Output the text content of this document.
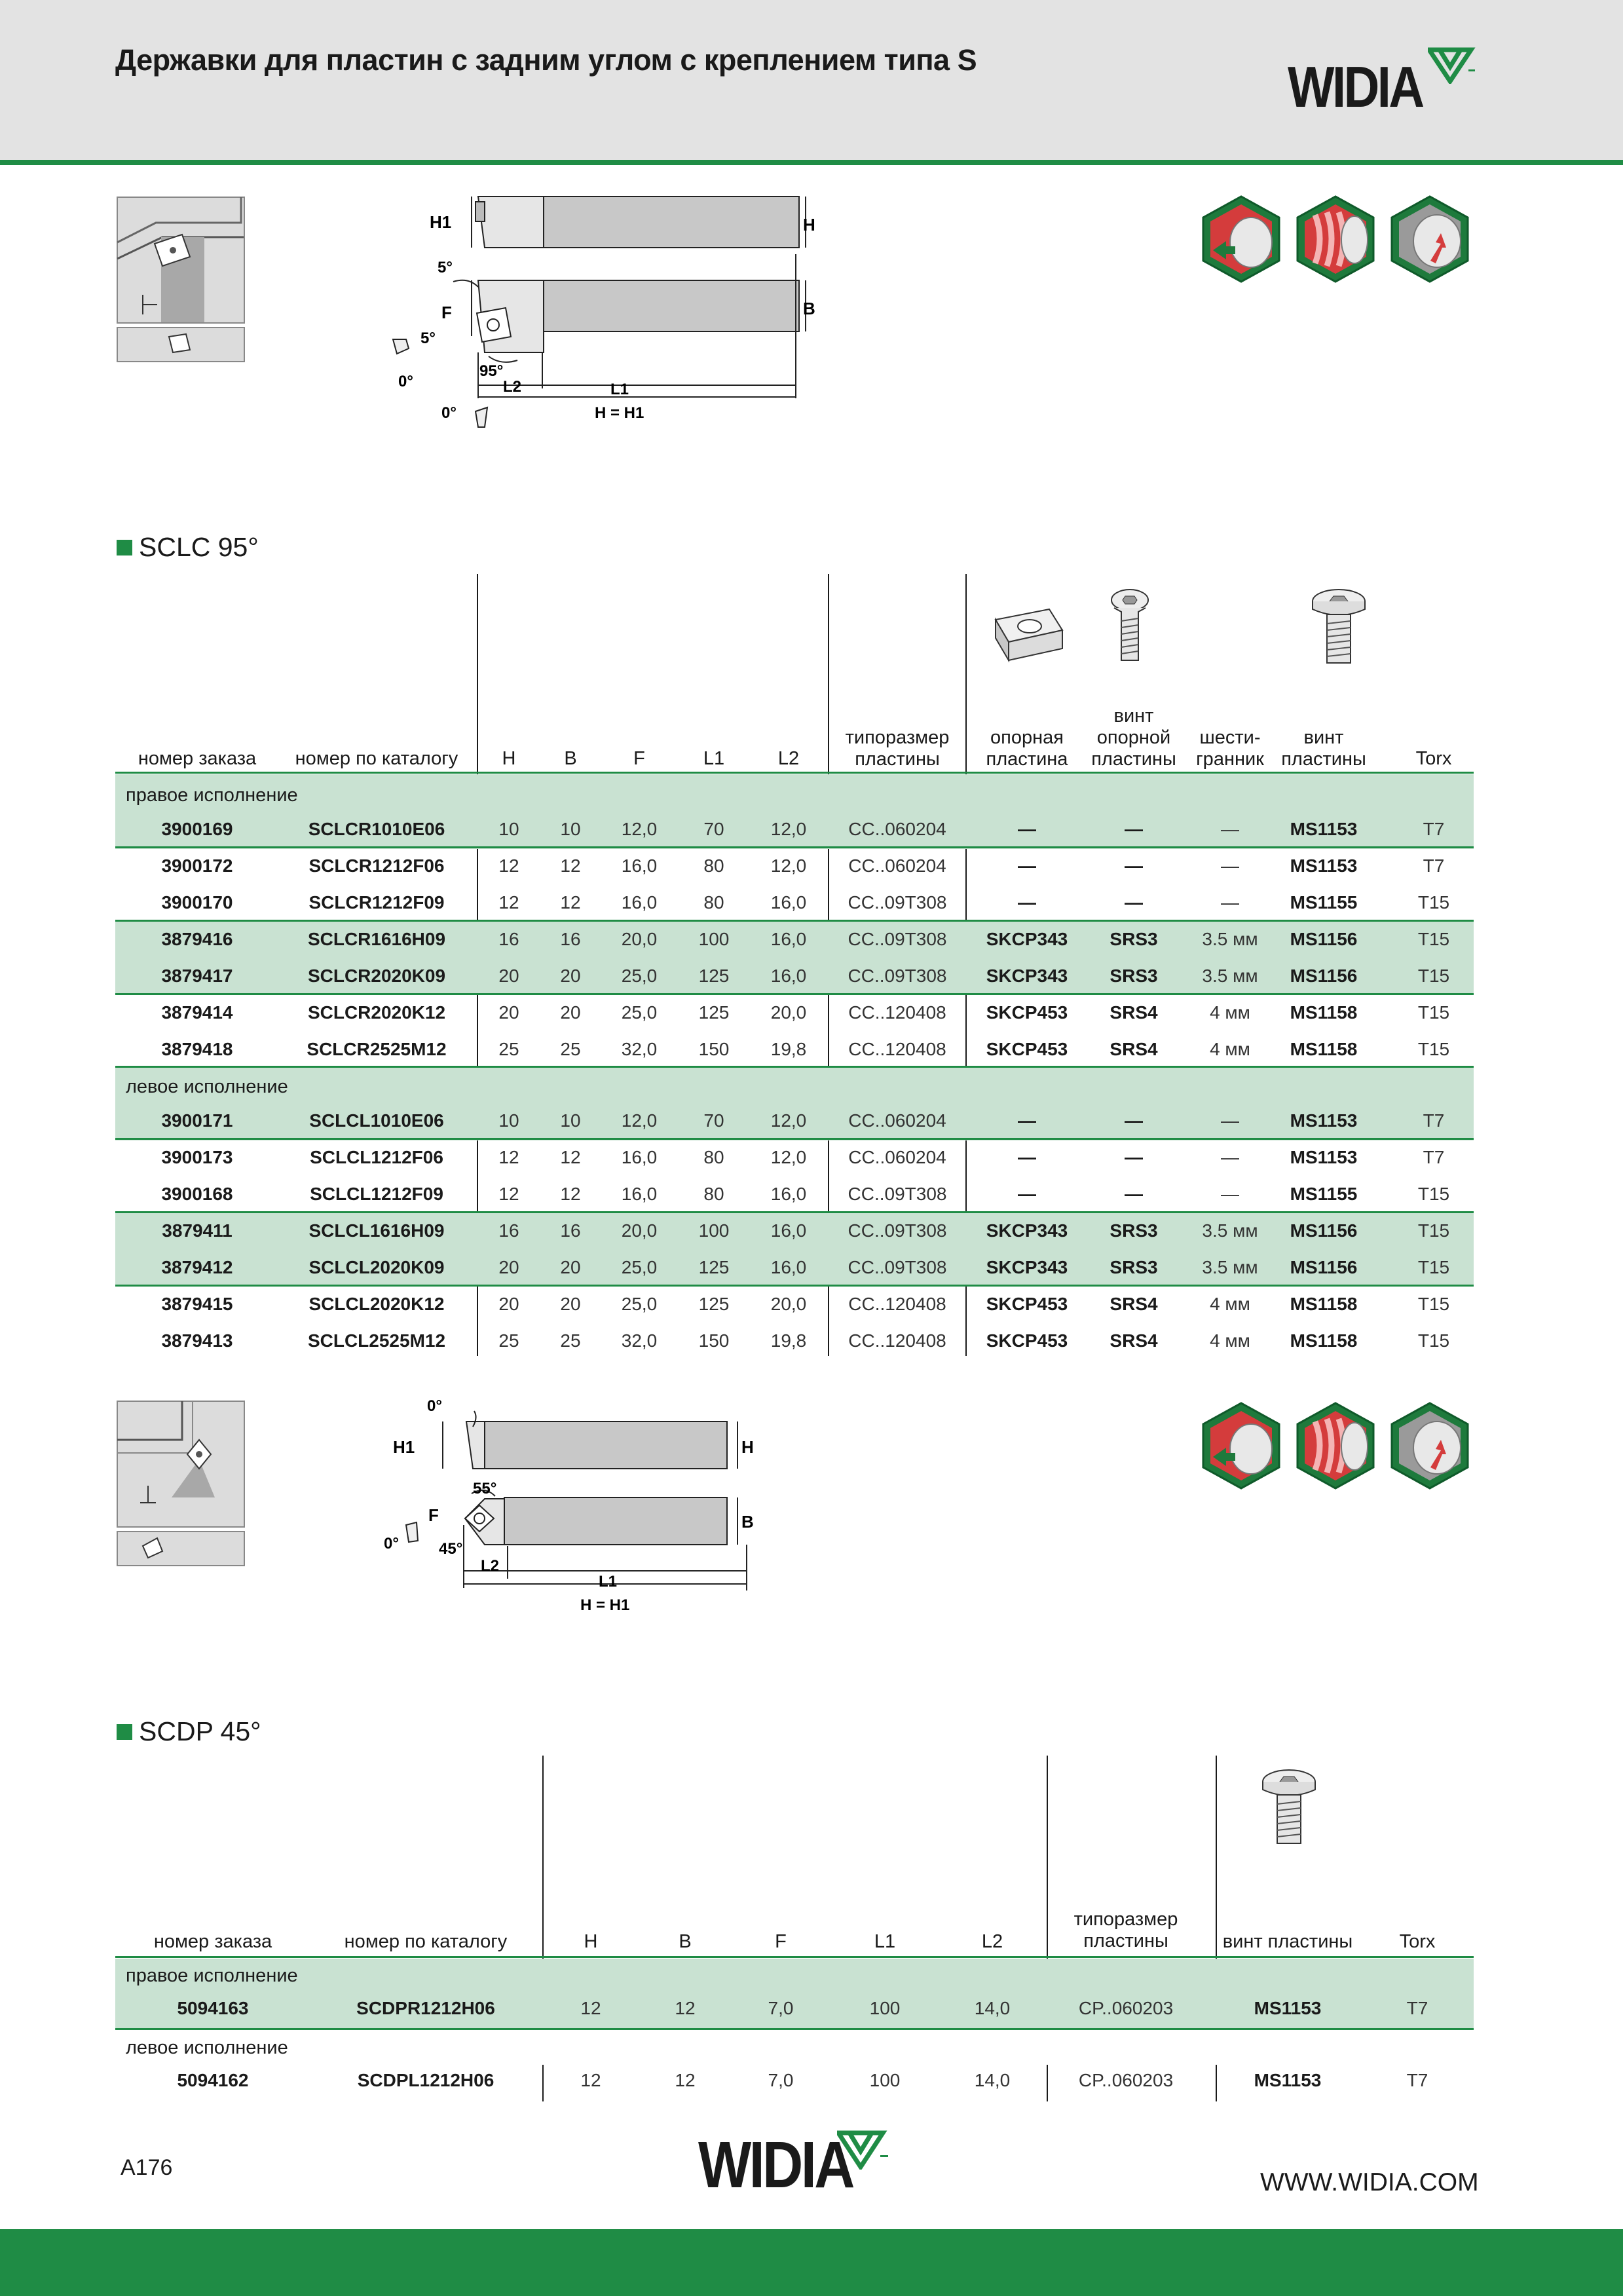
Державки для пластин с задним углом с креплением типа S	WIDIA
H1	H
B
F
5°
5°
95°
0°
0°
L2	L1
H = H1
SCLC 95°
номер заказа	номер по каталогу	H	B	F	L1	L2
типоразмер пластины
опорная пластина
винт опорной пластины
шести-гранник
винт пластины	Torx
правое исполнение
3900169	SCLCR1010E06	10	10	12,0	70	12,0	CC..060204	—	—	—	MS1153	T7
3900172	SCLCR1212F06	12	12	16,0	80	12,0	CC..060204	—	—	—	MS1153	T7
3900170	SCLCR1212F09	12	12	16,0	80	16,0	CC..09T308	—	—	—	MS1155	T15
3879416	SCLCR1616H09	16	16	20,0	100	16,0	CC..09T308	SKCP343	SRS3	3.5 мм	MS1156	T15
3879417	SCLCR2020K09	20	20	25,0	125	16,0	CC..09T308	SKCP343	SRS3	3.5 мм	MS1156	T15
3879414	SCLCR2020K12	20	20	25,0	125	20,0	CC..120408	SKCP453	SRS4	4 мм	MS1158	T15
3879418	SCLCR2525M12	25	25	32,0	150	19,8	CC..120408	SKCP453	SRS4	4 мм	MS1158	T15
левое исполнение
3900171	SCLCL1010E06	10	10	12,0	70	12,0	CC..060204	—	—	—	MS1153	T7
3900173	SCLCL1212F06	12	12	16,0	80	12,0	CC..060204	—	—	—	MS1153	T7
3900168	SCLCL1212F09	12	12	16,0	80	16,0	CC..09T308	—	—	—	MS1155	T15
3879411	SCLCL1616H09	16	16	20,0	100	16,0	CC..09T308	SKCP343	SRS3	3.5 мм	MS1156	T15
3879412	SCLCL2020K09	20	20	25,0	125	16,0	CC..09T308	SKCP343	SRS3	3.5 мм	MS1156	T15
3879415	SCLCL2020K12	20	20	25,0	125	20,0	CC..120408	SKCP453	SRS4	4 мм	MS1158	T15
3879413	SCLCL2525M12	25	25	32,0	150	19,8	CC..120408	SKCP453	SRS4	4 мм	MS1158	T15
H1	H
B
F
0°
55°
0°	45°
L2
L1
H = H1
SCDP 45°
номер заказа	номер по каталогу	H	B	F	L1	L2
типоразмер пластины	винт пластины	Torx
правое исполнение
5094163	SCDPR1212H06	12	12	7,0	100	14,0	CP..060203	MS1153	T7
левое исполнение
5094162	SCDPL1212H06	12	12	7,0	100	14,0	CP..060203	MS1153	T7
A176	WIDIA	WWW.WIDIA.COM
